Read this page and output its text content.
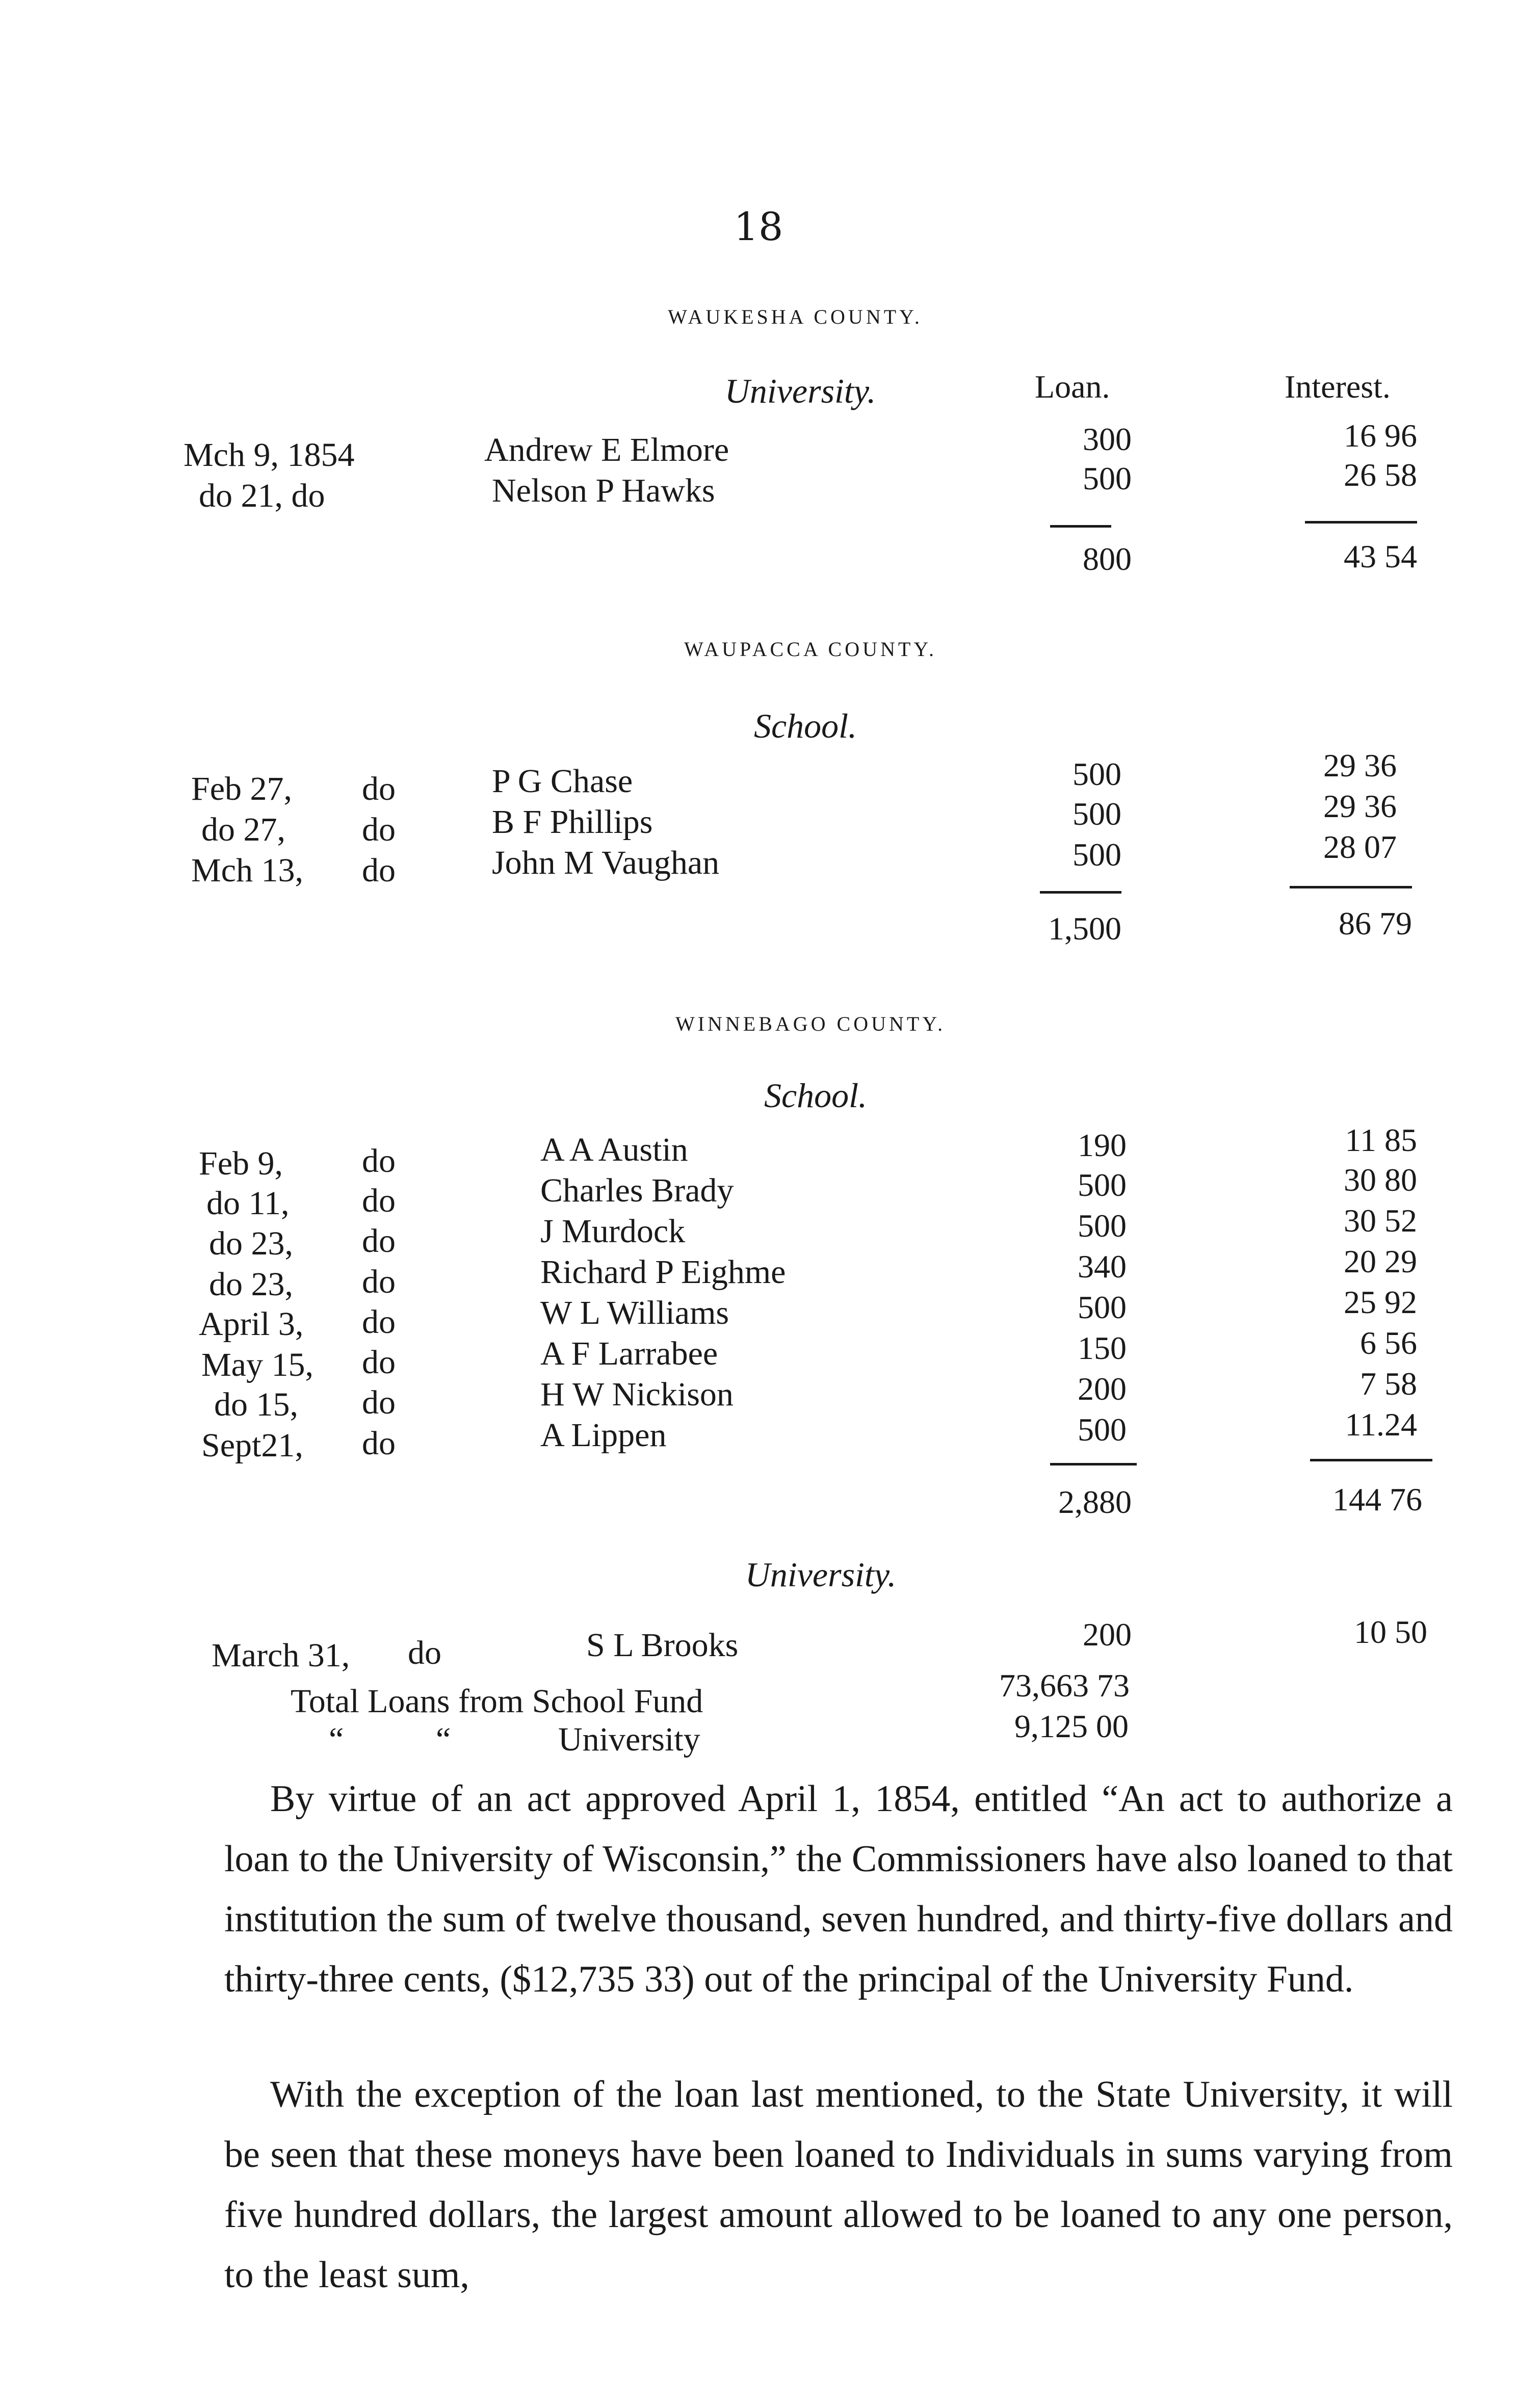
18
WAUKESHA COUNTY.
University.	Loan.	Interest.
Mch 9, 1854	Andrew E Elmore	300	16 96
do 21, do	Nelson P Hawks	500	26 58
800	43 54
WAUPACCA COUNTY.
School.
Feb 27, do	P G Chase	500	29 36
do 27, do	B F Phillips	500	29 36
Mch 13, do	John M Vaughan	500	28 07
1,500	86 79
WINNEBAGO COUNTY.
School.
Feb 9, do	A A Austin	190	11 85
do 11, do	Charles Brady	500	30 80
do 23, do	J Murdock	500	30 52
do 23, do	Richard P Eighme	340	20 29
April 3, do	W L Williams	500	25 92
May 15, do	A F Larrabee	150	6 56
do 15, do	H W Nickison	200	7 58
Sept21, do	A Lippen	500	11.24
2,880	144 76
University.
March 31, do	S L Brooks	200	10 50
Total Loans from School Fund	73,663 73
“	“	University	9,125 00
By virtue of an act approved April 1, 1854, entitled “An act to authorize a loan to the University of Wisconsin,” the Commissioners have also loaned to that institution the sum of twelve thousand, seven hundred, and thirty-five dollars and thirty-three cents, ($12,735 33) out of the principal of the University Fund.
With the exception of the loan last mentioned, to the State University, it will be seen that these moneys have been loaned to Individuals in sums varying from five hundred dollars, the largest amount allowed to be loaned to any one person, to the least sum,
